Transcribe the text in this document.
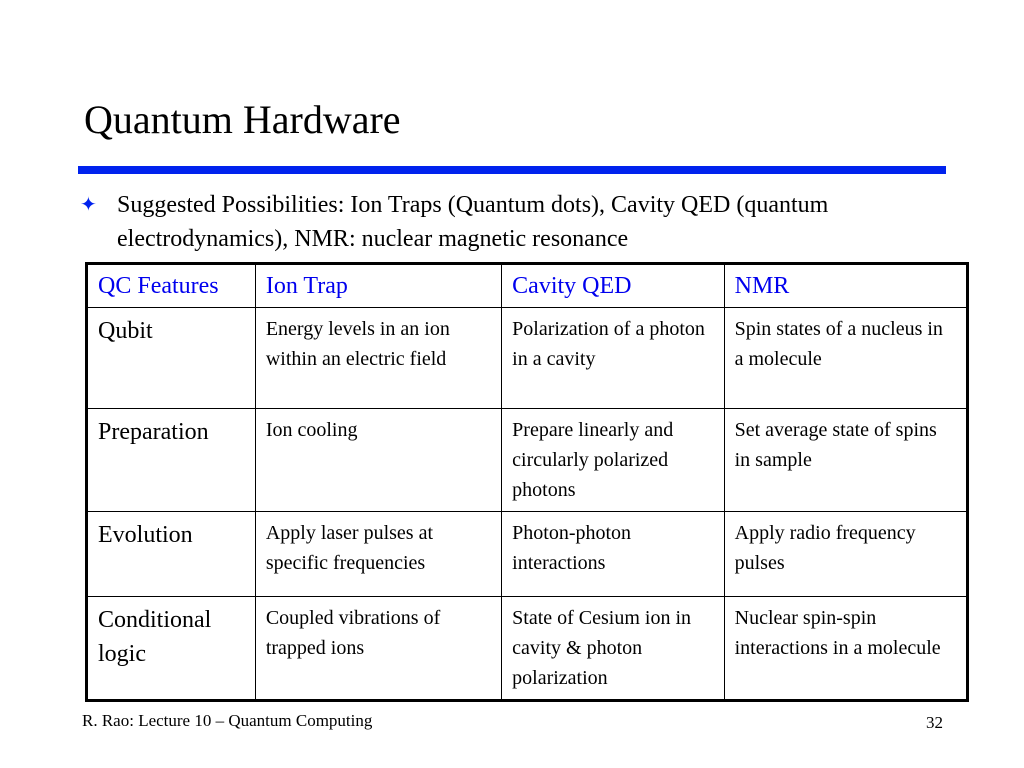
Quantum Hardware
✦ Suggested Possibilities: Ion Traps (Quantum dots), Cavity QED (quantum electrodynamics), NMR: nuclear magnetic resonance
QC Features	Ion Trap	Cavity QED	NMR
Qubit	Energy levels in an ion within an electric field	Polarization of a photon in a cavity	Spin states of a nucleus in a molecule
Preparation	Ion cooling	Prepare linearly and circularly polarized photons	Set average state of spins in sample
Evolution	Apply laser pulses at specific frequencies	Photon-photon interactions	Apply radio frequency pulses
Conditional logic	Coupled vibrations of trapped ions	State of Cesium ion in cavity & photon polarization	Nuclear spin-spin interactions in a molecule
R. Rao: Lecture 10 – Quantum Computing	32
